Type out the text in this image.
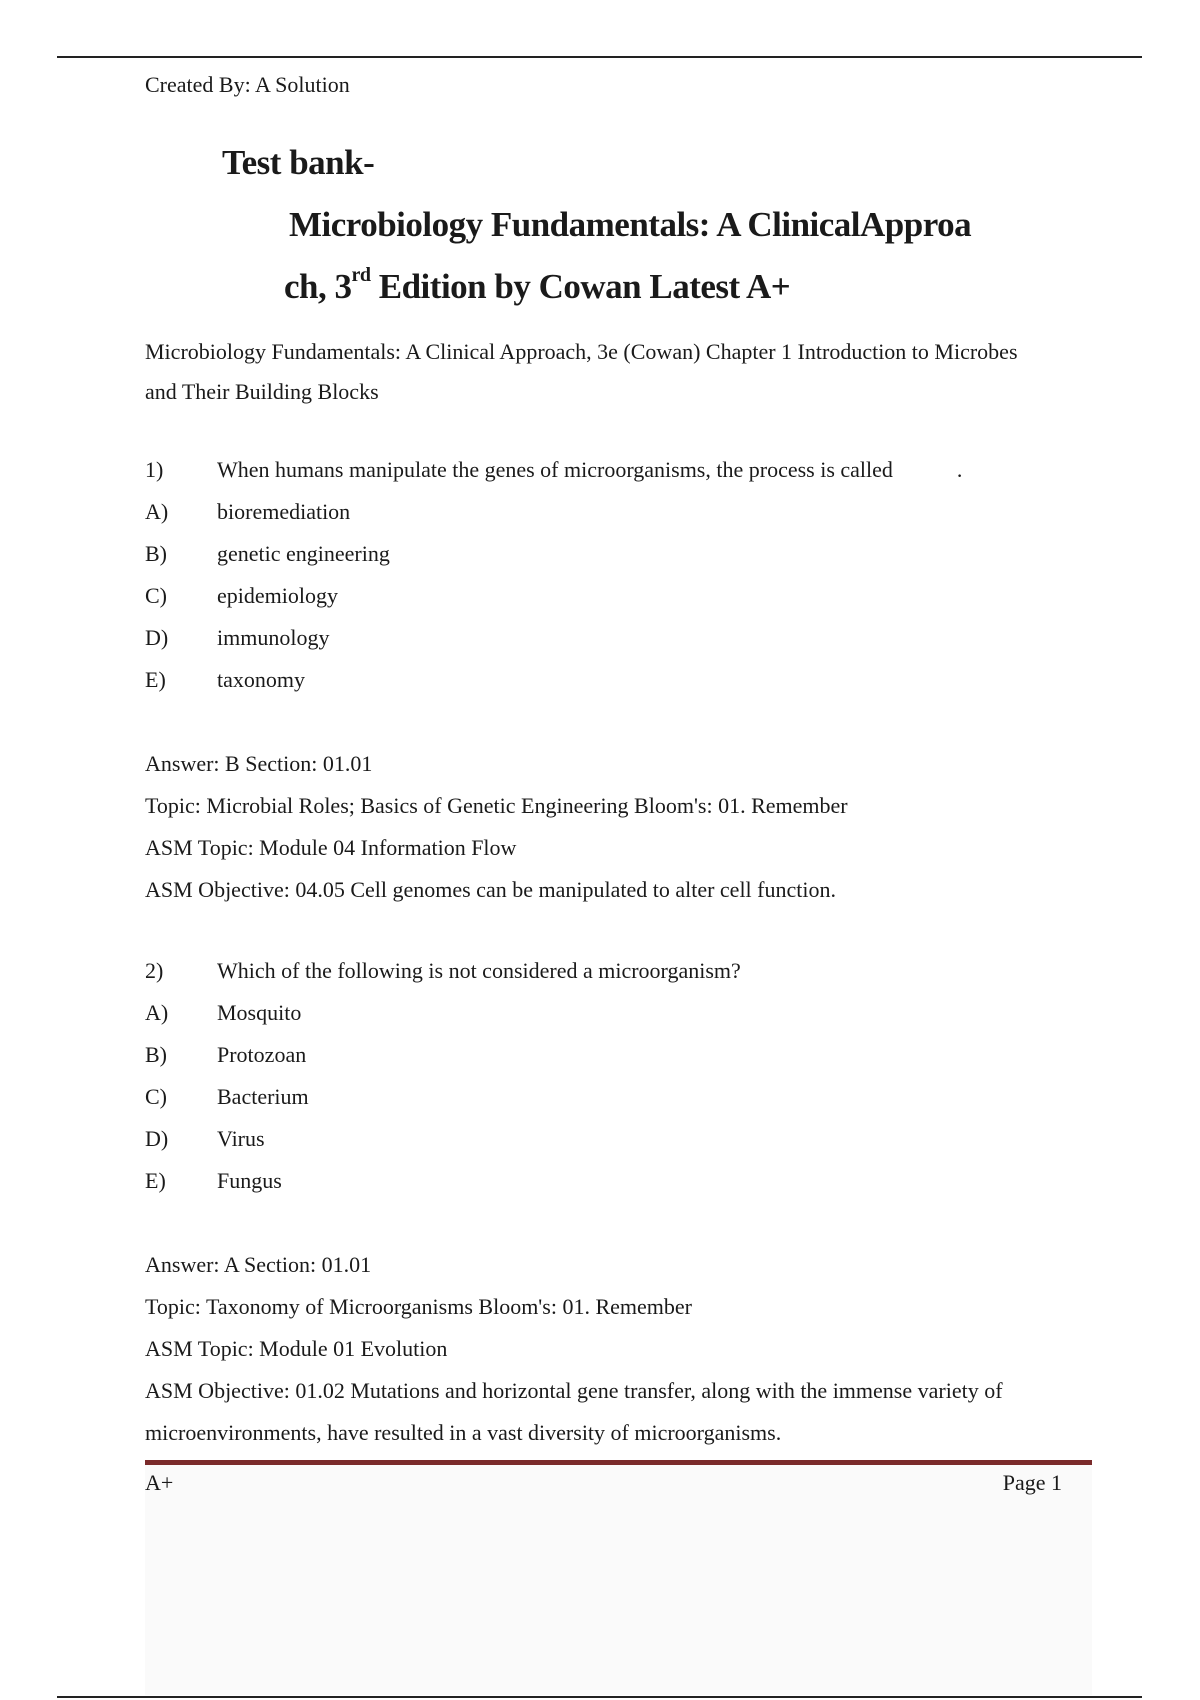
Created By: A Solution
Test bank-
Microbiology Fundamentals: A ClinicalApproa
ch, 3rd Edition by Cowan Latest A+
Microbiology Fundamentals: A Clinical Approach, 3e (Cowan) Chapter 1 Introduction to Microbes and Their Building Blocks
1)	When humans manipulate the genes of microorganisms, the process is called	.
A)	bioremediation
B)	genetic engineering
C)	epidemiology
D)	immunology
E)	taxonomy
Answer: B Section: 01.01
Topic: Microbial Roles; Basics of Genetic Engineering Bloom's: 01. Remember
ASM Topic: Module 04 Information Flow
ASM Objective: 04.05 Cell genomes can be manipulated to alter cell function.
2)	Which of the following is not considered a microorganism?
A)	Mosquito
B)	Protozoan
C)	Bacterium
D)	Virus
E)	Fungus
Answer: A Section: 01.01
Topic: Taxonomy of Microorganisms Bloom's: 01. Remember
ASM Topic: Module 01 Evolution
ASM Objective: 01.02 Mutations and horizontal gene transfer, along with the immense variety of microenvironments, have resulted in a vast diversity of microorganisms.
A+	Page 1
